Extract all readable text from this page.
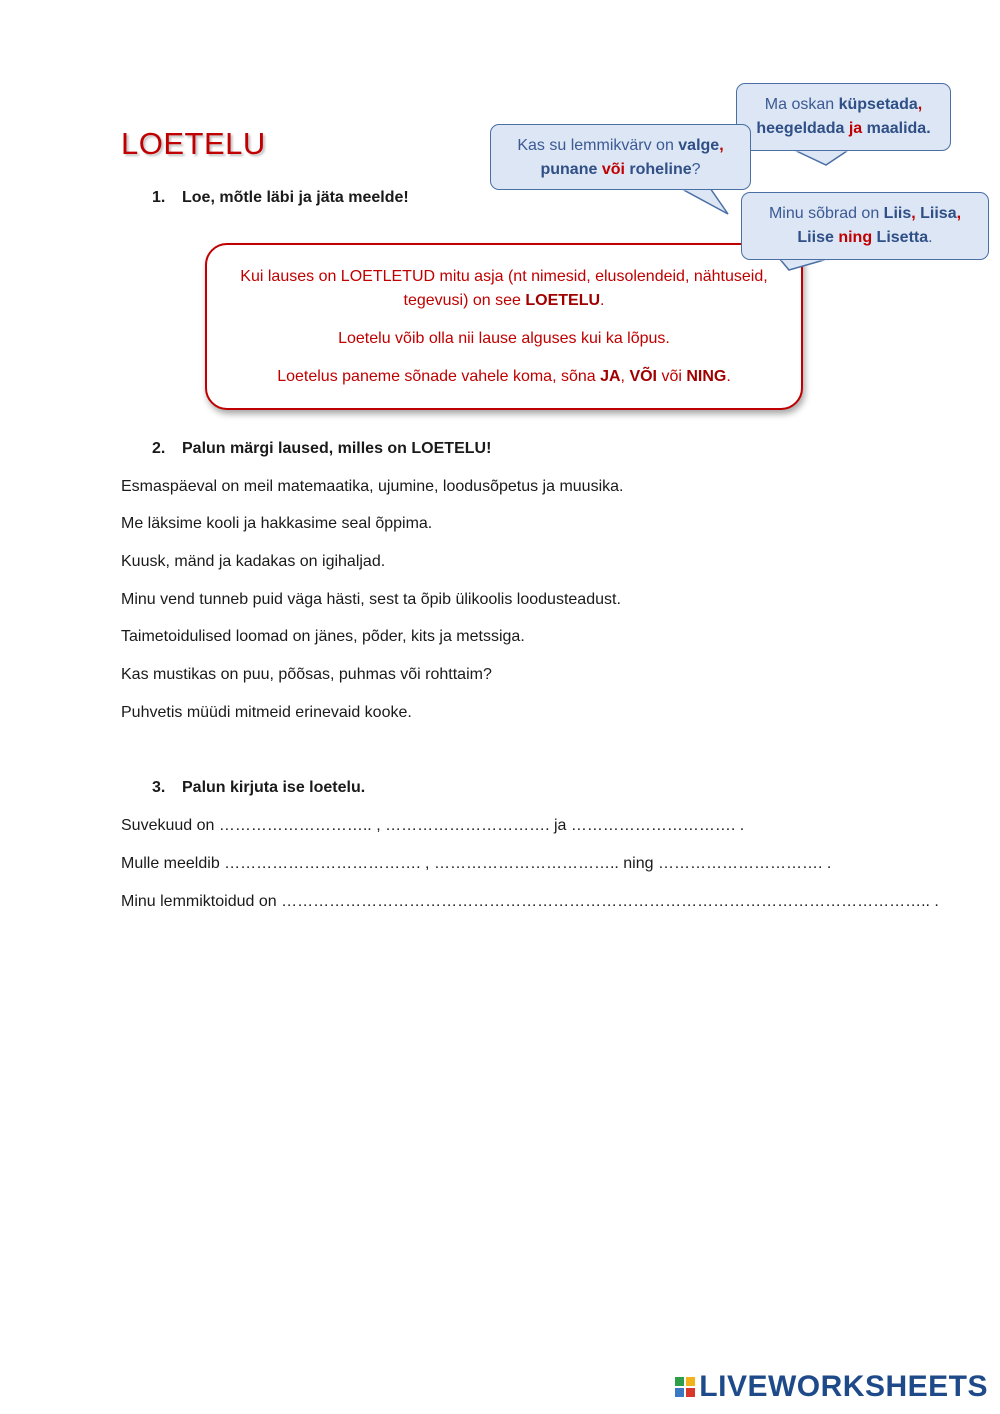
LOETELU
1. Loe, mõtle läbi ja jäta meelde!

Kui lauses on LOETLETUD mitu asja (nt nimesid, elusolendeid, nähtuseid, tegevusi) on see LOETELU.

Loetelu võib olla nii lause alguses kui ka lõpus.

Loetelus paneme sõnade vahele koma, sõna JA, VÕI või NING.

Ma oskan küpsetada,
heegeldada ja maalida.
Kas su lemmikvärv on valge,
punane või roheline?
Minu sõbrad on Liis, Liisa,
Liise ning Lisetta.
2. Palun märgi laused, milles on LOETELU!
Esmaspäeval on meil matemaatika, ujumine, loodusõpetus ja muusika.
Me läksime kooli ja hakkasime seal õppima.
Kuusk, mänd ja kadakas on igihaljad.
Minu vend tunneb puid väga hästi, sest ta õpib ülikoolis loodusteadust.
Taimetoidulised loomad on jänes, põder, kits ja metssiga.
Kas mustikas on puu, põõsas, puhmas või rohttaim?
Puhvetis müüdi mitmeid erinevaid kooke.
3. Palun kirjuta ise loetelu.
Suvekuud on ……………………….. , …………………………. ja …………………………. .
Mulle meeldib ………………………………. , …………………………….. ning …………………………. .
Minu lemmiktoidud on ………………………………………………………………………………………………………….. .
LIVEWORKSHEETS
